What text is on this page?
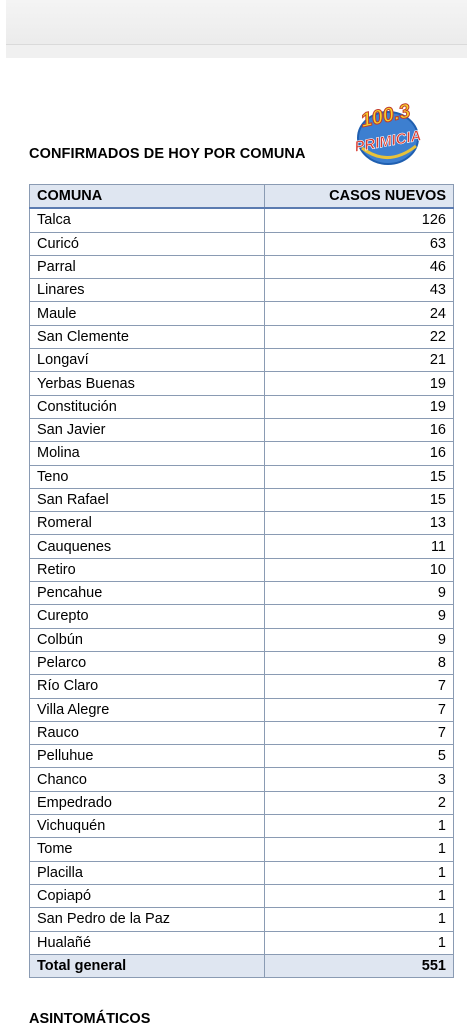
CONFIRMADOS DE HOY POR COMUNA
100.3
PRIMICIA
COMUNA	CASOS NUEVOS
Talca	126
Curicó	63
Parral	46
Linares	43
Maule	24
San Clemente	22
Longaví	21
Yerbas Buenas	19
Constitución	19
San Javier	16
Molina	16
Teno	15
San Rafael	15
Romeral	13
Cauquenes	11
Retiro	10
Pencahue	9
Curepto	9
Colbún	9
Pelarco	8
Río Claro	7
Villa Alegre	7
Rauco	7
Pelluhue	5
Chanco	3
Empedrado	2
Vichuquén	1
Tome	1
Placilla	1
Copiapó	1
San Pedro de la Paz	1
Hualañé	1
Total general	551
ASINTOMÁTICOS
